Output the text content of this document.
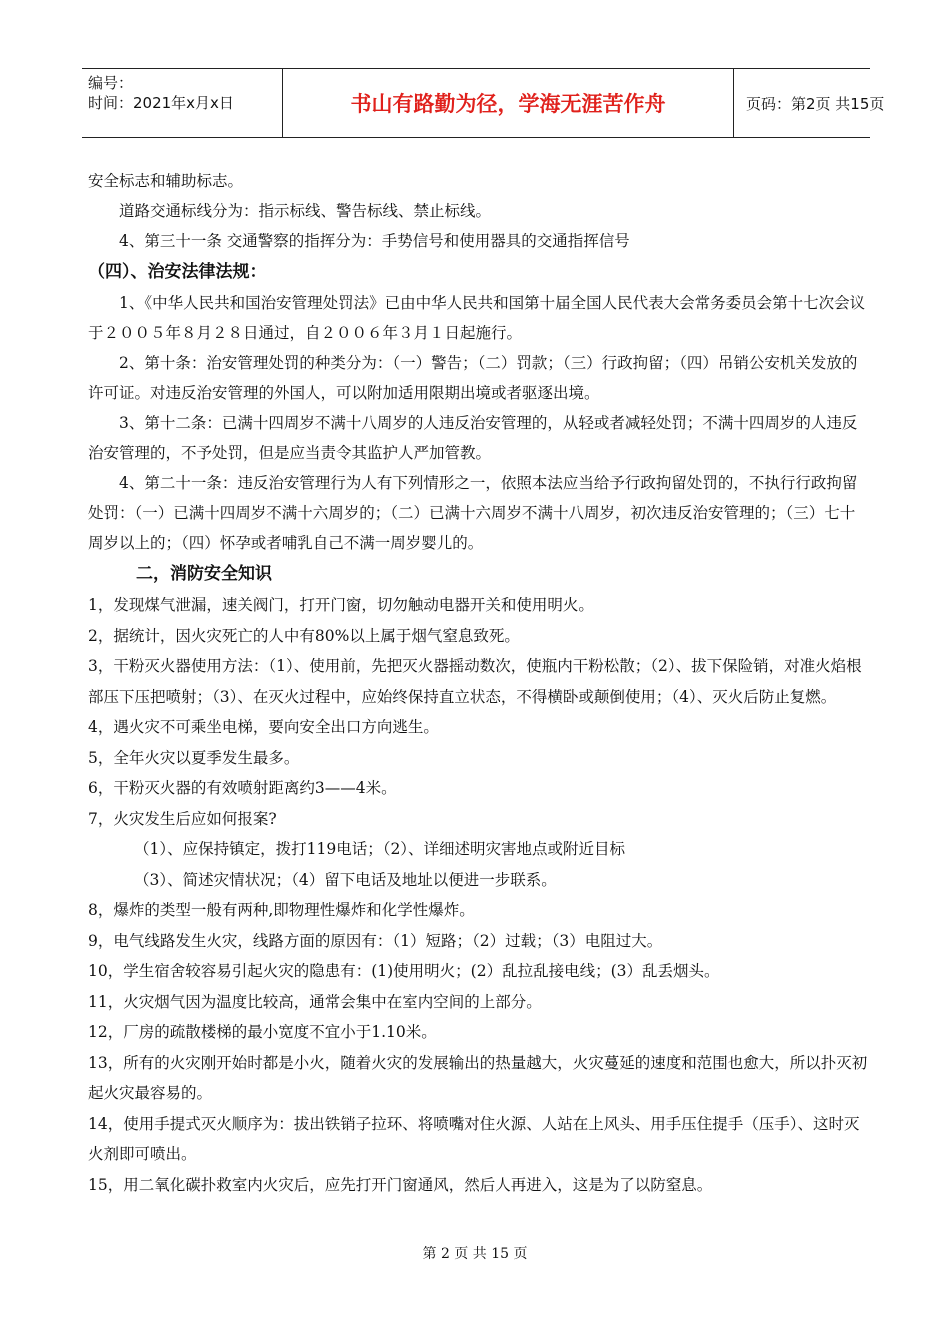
编号：
时间：2021年x月x日	书山有路勤为径，学海无涯苦作舟	页码：第2页 共15页

安全标志和辅助标志。

道路交通标线分为：指示标线、警告标线、禁止标线。

4、第三十一条 交通警察的指挥分为：手势信号和使用器具的交通指挥信号

（四）、治安法律法规：

1、《中华人民共和国治安管理处罚法》已由中华人民共和国第十届全国人民代表大会常务委员会第十七次会议于２００５年８月２８日通过，自２００６年３月１日起施行。

2、第十条：治安管理处罚的种类分为：（一）警告；（二）罚款；（三）行政拘留；（四）吊销公安机关发放的许可证。对违反治安管理的外国人，可以附加适用限期出境或者驱逐出境。

3、第十二条：已满十四周岁不满十八周岁的人违反治安管理的，从轻或者减轻处罚；不满十四周岁的人违反治安管理的，不予处罚，但是应当责令其监护人严加管教。

4、第二十一条：违反治安管理行为人有下列情形之一，依照本法应当给予行政拘留处罚的，不执行行政拘留处罚：（一）已满十四周岁不满十六周岁的；（二）已满十六周岁不满十八周岁，初次违反治安管理的；（三）七十周岁以上的；（四）怀孕或者哺乳自己不满一周岁婴儿的。

二，消防安全知识

1，发现煤气泄漏，速关阀门，打开门窗，切勿触动电器开关和使用明火。

2，据统计，因火灾死亡的人中有80%以上属于烟气窒息致死。

3，干粉灭火器使用方法：（1）、使用前，先把灭火器摇动数次，使瓶内干粉松散；（2）、拔下保险销，对准火焰根部压下压把喷射；（3）、在灭火过程中，应始终保持直立状态，不得横卧或颠倒使用；（4）、灭火后防止复燃。

4，遇火灾不可乘坐电梯，要向安全出口方向逃生。

5，全年火灾以夏季发生最多。

6，干粉灭火器的有效喷射距离约3——4米。

7，火灾发生后应如何报案?

（1）、应保持镇定，拨打119电话；（2）、详细述明灾害地点或附近目标

（3）、简述灾情状况；（4）留下电话及地址以便进一步联系。

8，爆炸的类型一般有两种,即物理性爆炸和化学性爆炸。

9，电气线路发生火灾，线路方面的原因有：（1）短路；（2）过载；（3）电阻过大。

10，学生宿舍较容易引起火灾的隐患有：(1)使用明火；(2）乱拉乱接电线；(3）乱丢烟头。

11，火灾烟气因为温度比较高，通常会集中在室内空间的上部分。

12，厂房的疏散楼梯的最小宽度不宜小于1.10米。

13，所有的火灾刚开始时都是小火，随着火灾的发展输出的热量越大，火灾蔓延的速度和范围也愈大，所以扑灭初起火灾最容易的。

14，使用手提式灭火顺序为：拔出铁销子拉环、将喷嘴对住火源、人站在上风头、用手压住提手（压手）、这时灭火剂即可喷出。

15，用二氧化碳扑救室内火灾后，应先打开门窗通风，然后人再进入，这是为了以防窒息。

第 2 页 共 15 页
